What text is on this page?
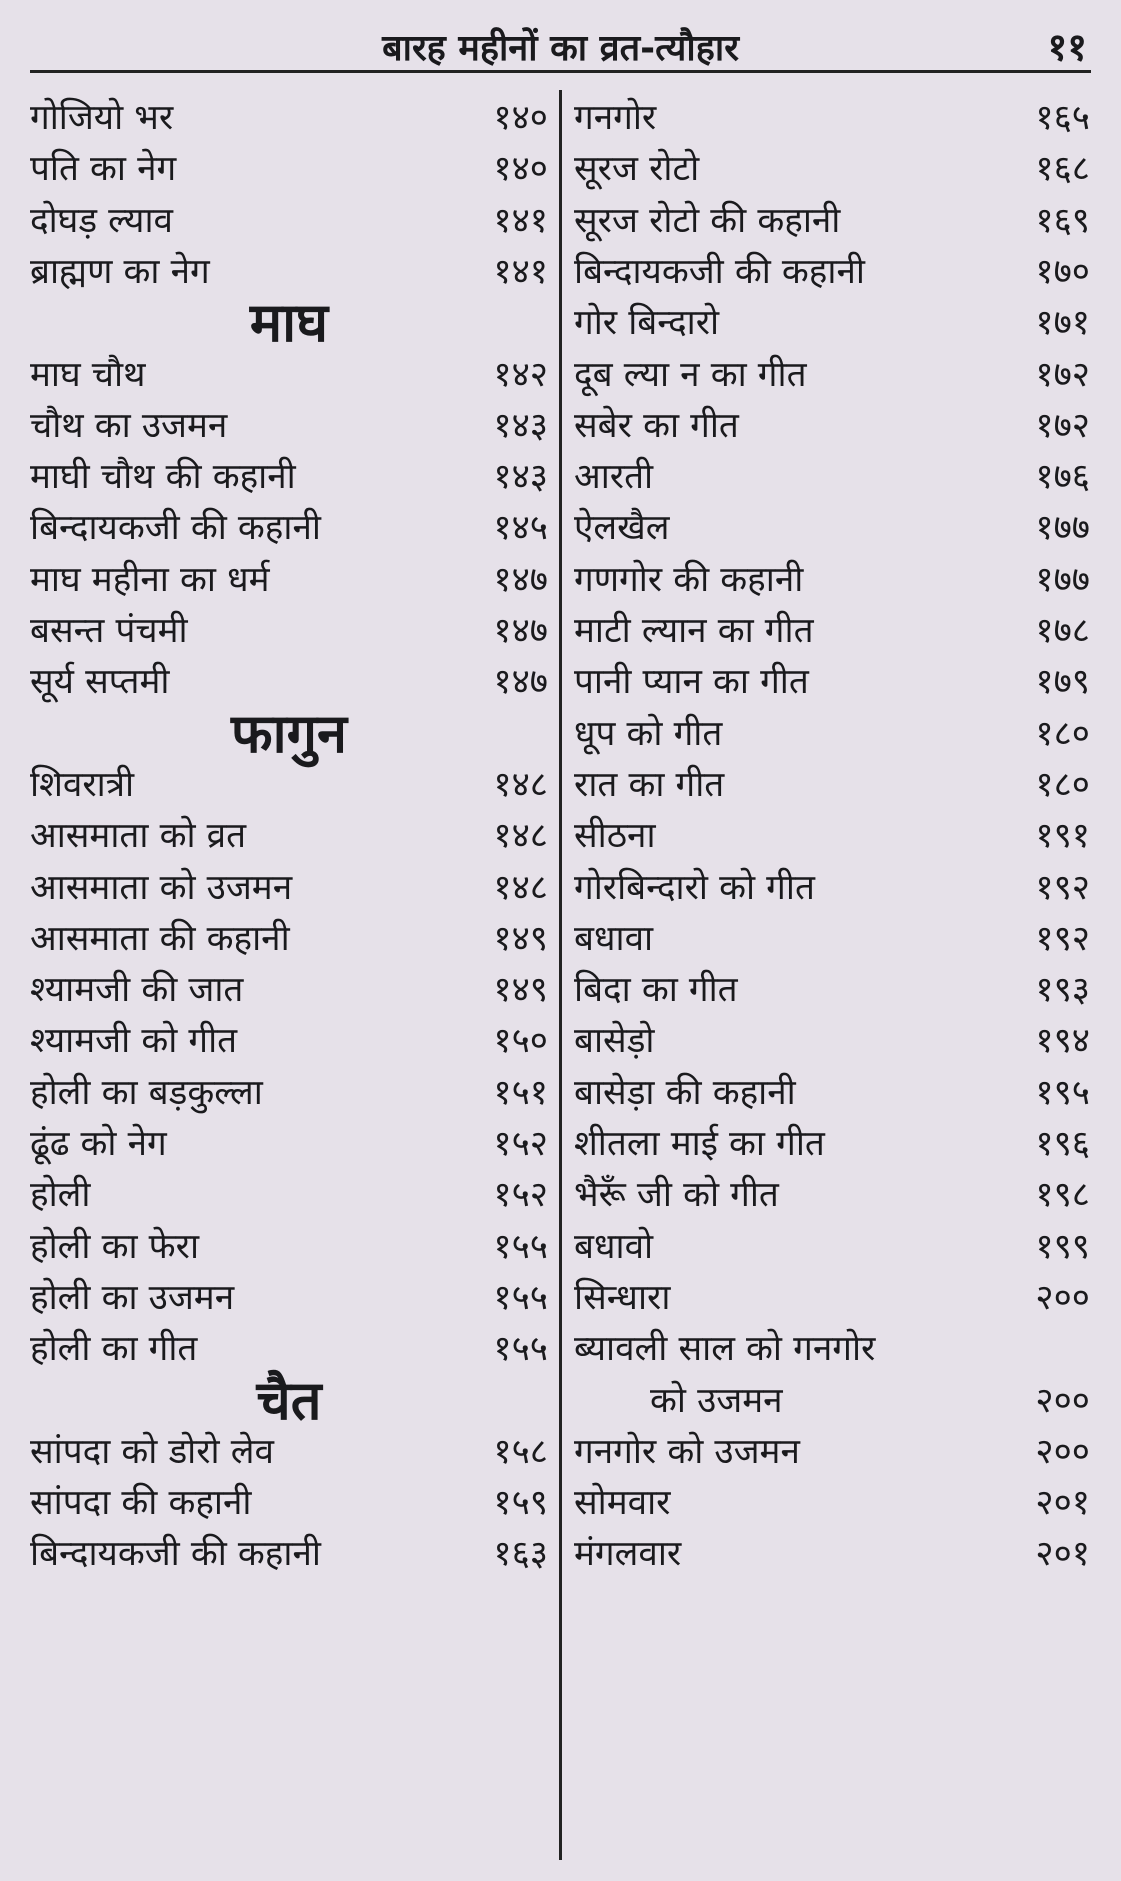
बारह महीनों का व्रत-त्यौहार	११
गोजियो भर	१४०
पति का नेग	१४०
दोघड़ ल्याव	१४१
ब्राह्मण का नेग	१४१
माघ
माघ चौथ	१४२
चौथ का उजमन	१४३
माघी चौथ की कहानी	१४३
बिन्दायकजी की कहानी	१४५
माघ महीना का धर्म	१४७
बसन्त पंचमी	१४७
सूर्य सप्तमी	१४७
फागुन
शिवरात्री	१४८
आसमाता को व्रत	१४८
आसमाता को उजमन	१४८
आसमाता की कहानी	१४९
श्यामजी की जात	१४९
श्यामजी को गीत	१५०
होली का बड़कुल्ला	१५१
ढूंढ को नेग	१५२
होली	१५२
होली का फेरा	१५५
होली का उजमन	१५५
होली का गीत	१५५
चैत
सांपदा को डोरो लेव	१५८
सांपदा की कहानी	१५९
बिन्दायकजी की कहानी	१६३
गनगोर	१६५
सूरज रोटो	१६८
सूरज रोटो की कहानी	१६९
बिन्दायकजी की कहानी	१७०
गोर बिन्दारो	१७१
दूब ल्या न का गीत	१७२
सबेर का गीत	१७२
आरती	१७६
ऐलखैल	१७७
गणगोर की कहानी	१७७
माटी ल्यान का गीत	१७८
पानी प्यान का गीत	१७९
धूप को गीत	१८०
रात का गीत	१८०
सीठना	१९१
गोरबिन्दारो को गीत	१९२
बधावा	१९२
बिदा का गीत	१९३
बासेड़ो	१९४
बासेड़ा की कहानी	१९५
शीतला माई का गीत	१९६
भैरूँ जी को गीत	१९८
बधावो	१९९
सिन्धारा	२००
ब्यावली साल को गनगोर
को उजमन	२००
गनगोर को उजमन	२००
सोमवार	२०१
मंगलवार	२०१
